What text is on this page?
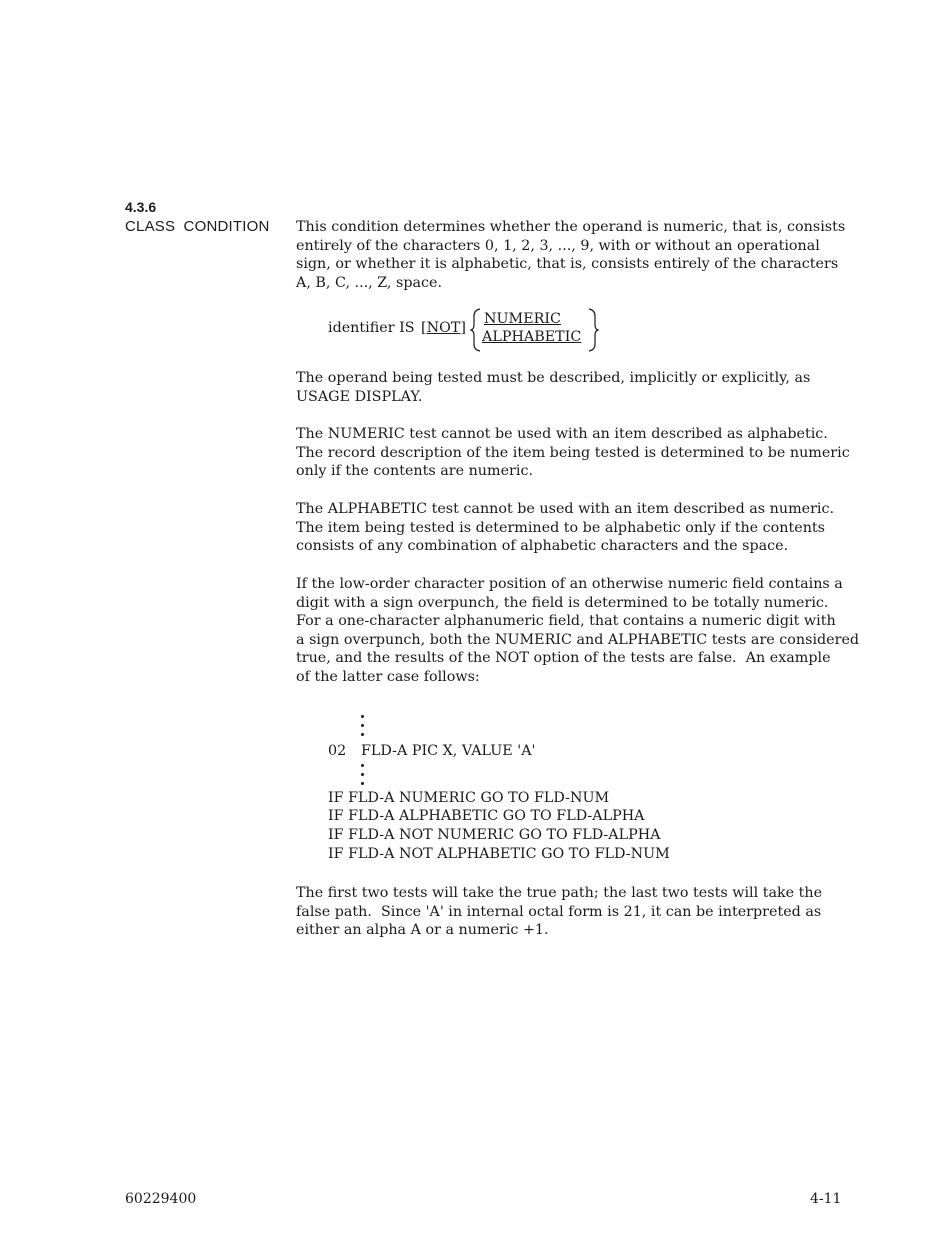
4.3.6
CLASS CONDITION This condition determines whether the operand is numeric, that is, consists
entirely of the characters 0, 1, 2, 3, ..., 9, with or without an operational
sign, or whether it is alphabetic, that is, consists entirely of the characters
A, B, C, ..., Z, space.

identifier IS [NOT]
NUMERIC
ALPHABETIC

The operand being tested must be described, implicitly or explicitly, as
USAGE DISPLAY.

The NUMERIC test cannot be used with an item described as alphabetic.
The record description of the item being tested is determined to be numeric
only if the contents are numeric.

The ALPHABETIC test cannot be used with an item described as numeric.
The item being tested is determined to be alphabetic only if the contents
consists of any combination of alphabetic characters and the space.

If the low-order character position of an otherwise numeric field contains a
digit with a sign overpunch, the field is determined to be totally numeric.
For a one-character alphanumeric field, that contains a numeric digit with
a sign overpunch, both the NUMERIC and ALPHABETIC tests are considered
true, and the results of the NOT option of the tests are false.  An example
of the latter case follows:

02 FLD-A PIC X, VALUE 'A'
IF FLD-A NUMERIC GO TO FLD-NUM
IF FLD-A ALPHABETIC GO TO FLD-ALPHA
IF FLD-A NOT NUMERIC GO TO FLD-ALPHA
IF FLD-A NOT ALPHABETIC GO TO FLD-NUM

The first two tests will take the true path; the last two tests will take the
false path.  Since 'A' in internal octal form is 21, it can be interpreted as
either an alpha A or a numeric +1.

60229400	4-11
